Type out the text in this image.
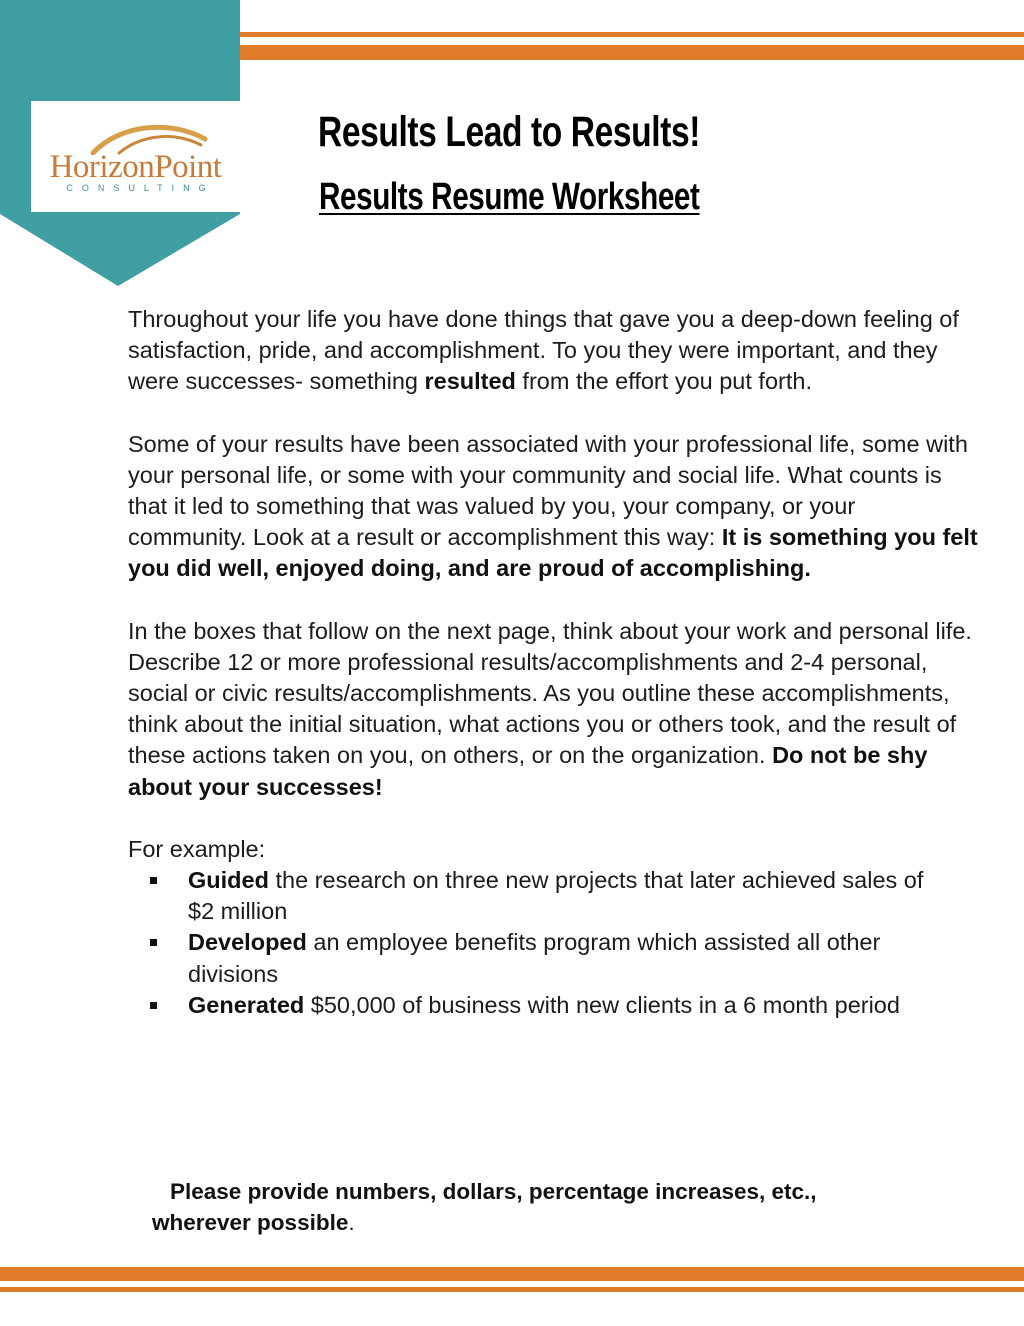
HorizonPoint
CONSULTING
Results Lead to Results!
Results Resume Worksheet

Throughout your life you have done things that gave you a deep-down feeling of satisfaction, pride, and accomplishment. To you they were important, and they were successes- something resulted from the effort you put forth.

Some of your results have been associated with your professional life, some with your personal life, or some with your community and social life. What counts is that it led to something that was valued by you, your company, or your community. Look at a result or accomplishment this way: It is something you felt you did well, enjoyed doing, and are proud of accomplishing.

In the boxes that follow on the next page, think about your work and personal life. Describe 12 or more professional results/accomplishments and 2-4 personal, social or civic results/accomplishments. As you outline these accomplishments, think about the initial situation, what actions you or others took, and the result of these actions taken on you, on others, or on the organization. Do not be shy about your successes!

For example:

Guided the research on three new projects that later achieved sales of $2 million
Developed an employee benefits program which assisted all other divisions
Generated $50,000 of business with new clients in a 6 month period
Please provide numbers, dollars, percentage increases, etc.,
wherever possible.
